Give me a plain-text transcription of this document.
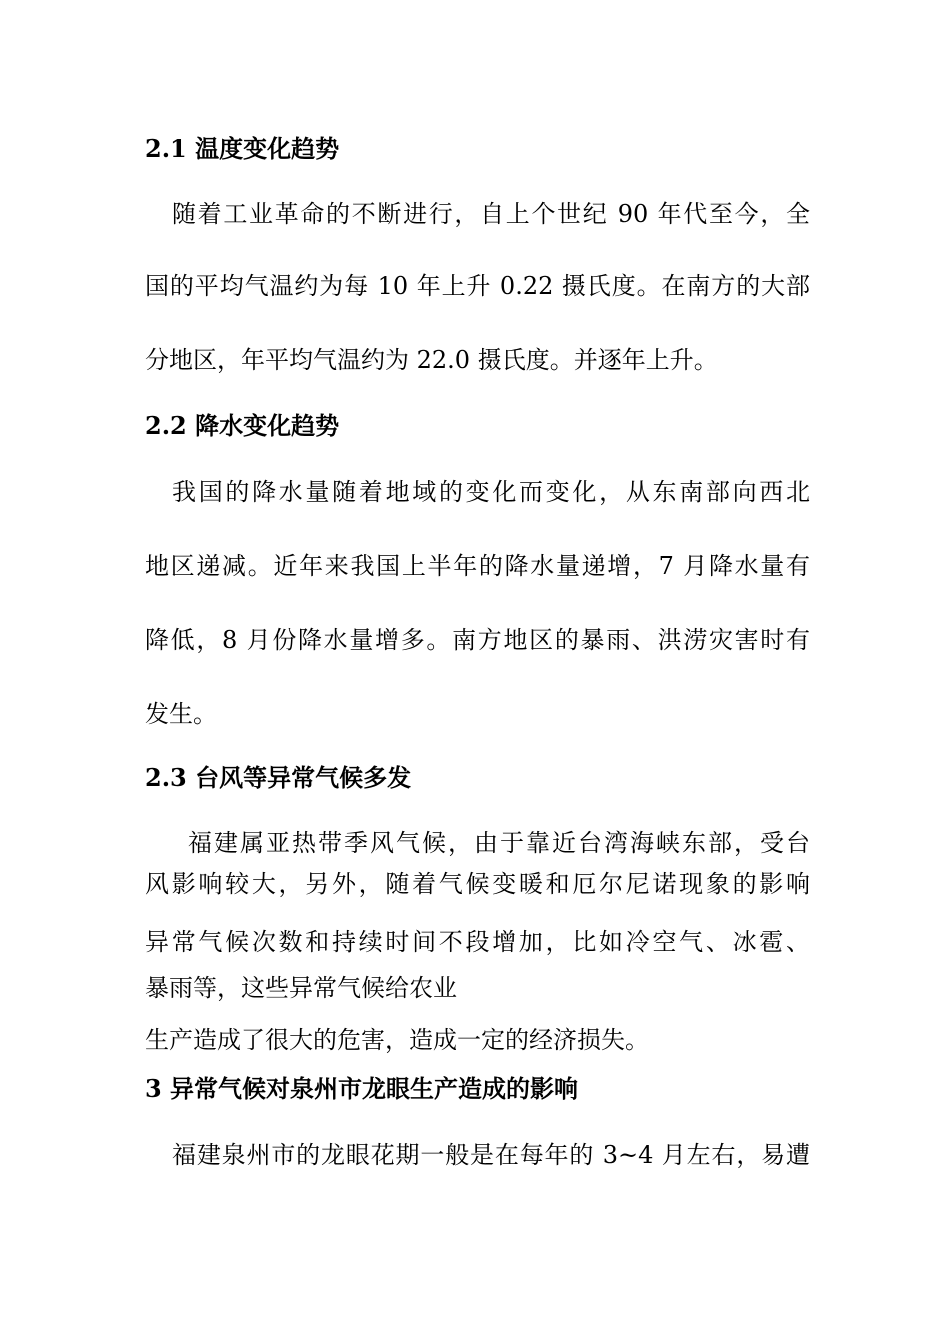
2.1 温度变化趋势
随着工业革命的不断进行，自上个世纪 90 年代至今，全
国的平均气温约为每 10 年上升 0.22 摄氏度。在南方的大部
分地区，年平均气温约为 22.0 摄氏度。并逐年上升。
2.2 降水变化趋势
我国的降水量随着地域的变化而变化，从东南部向西北
地区递减。近年来我国上半年的降水量递增，7 月降水量有
降低，8 月份降水量增多。南方地区的暴雨、洪涝灾害时有
发生。
2.3 台风等异常气候多发
福建属亚热带季风气候，由于靠近台湾海峡东部，受台
风影响较大，另外，随着气候变暖和厄尔尼诺现象的影响
异常气候次数和持续时间不段增加，比如冷空气、冰雹、
暴雨等，这些异常气候给农业
生产造成了很大的危害，造成一定的经济损失。
3 异常气候对泉州市龙眼生产造成的影响
福建泉州市的龙眼花期一般是在每年的 3~4 月左右，易遭
